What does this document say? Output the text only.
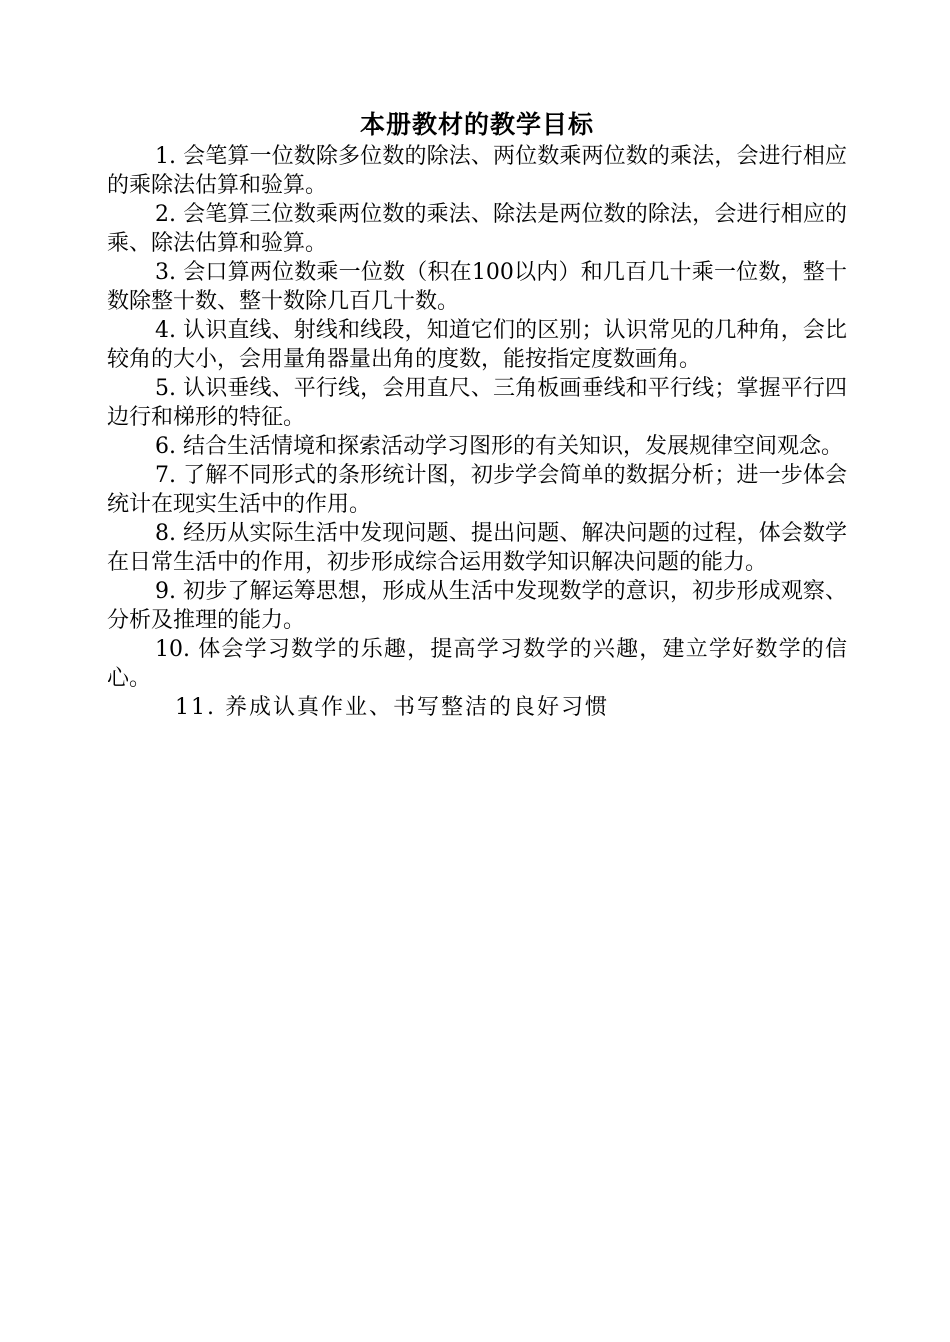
本册教材的教学目标

1. 会笔算一位数除多位数的除法、两位数乘两位数的乘法，会进行相应的乘除法估算和验算。

2. 会笔算三位数乘两位数的乘法、除法是两位数的除法，会进行相应的乘、除法估算和验算。

3. 会口算两位数乘一位数（积在100以内）和几百几十乘一位数，整十数除整十数、整十数除几百几十数。

4. 认识直线、射线和线段，知道它们的区别；认识常见的几种角，会比较角的大小，会用量角器量出角的度数，能按指定度数画角。

5. 认识垂线、平行线，会用直尺、三角板画垂线和平行线；掌握平行四边行和梯形的特征。

6. 结合生活情境和探索活动学习图形的有关知识，发展规律空间观念。

7. 了解不同形式的条形统计图，初步学会简单的数据分析；进一步体会统计在现实生活中的作用。

8. 经历从实际生活中发现问题、提出问题、解决问题的过程，体会数学在日常生活中的作用，初步形成综合运用数学知识解决问题的能力。

9. 初步了解运筹思想，形成从生活中发现数学的意识，初步形成观察、分析及推理的能力。

10. 体会学习数学的乐趣，提高学习数学的兴趣，建立学好数学的信心。

11. 养成认真作业、书写整洁的良好习惯
